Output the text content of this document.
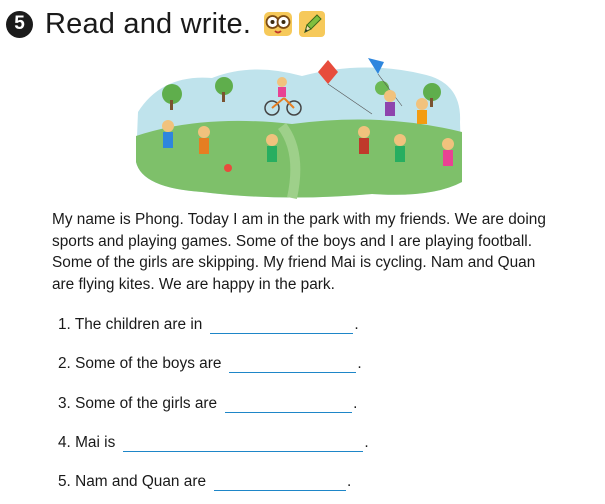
5 Read and write.
My name is Phong. Today I am in the park with my friends. We are doing
sports and playing games. Some of the boys and I are playing football.
Some of the girls are skipping. My friend Mai is cycling. Nam and Quan
are flying kites. We are happy in the park.
1. The children are in	.
2. Some of the boys are	.
3. Some of the girls are	.
4. Mai is	.
5. Nam and Quan are	.
